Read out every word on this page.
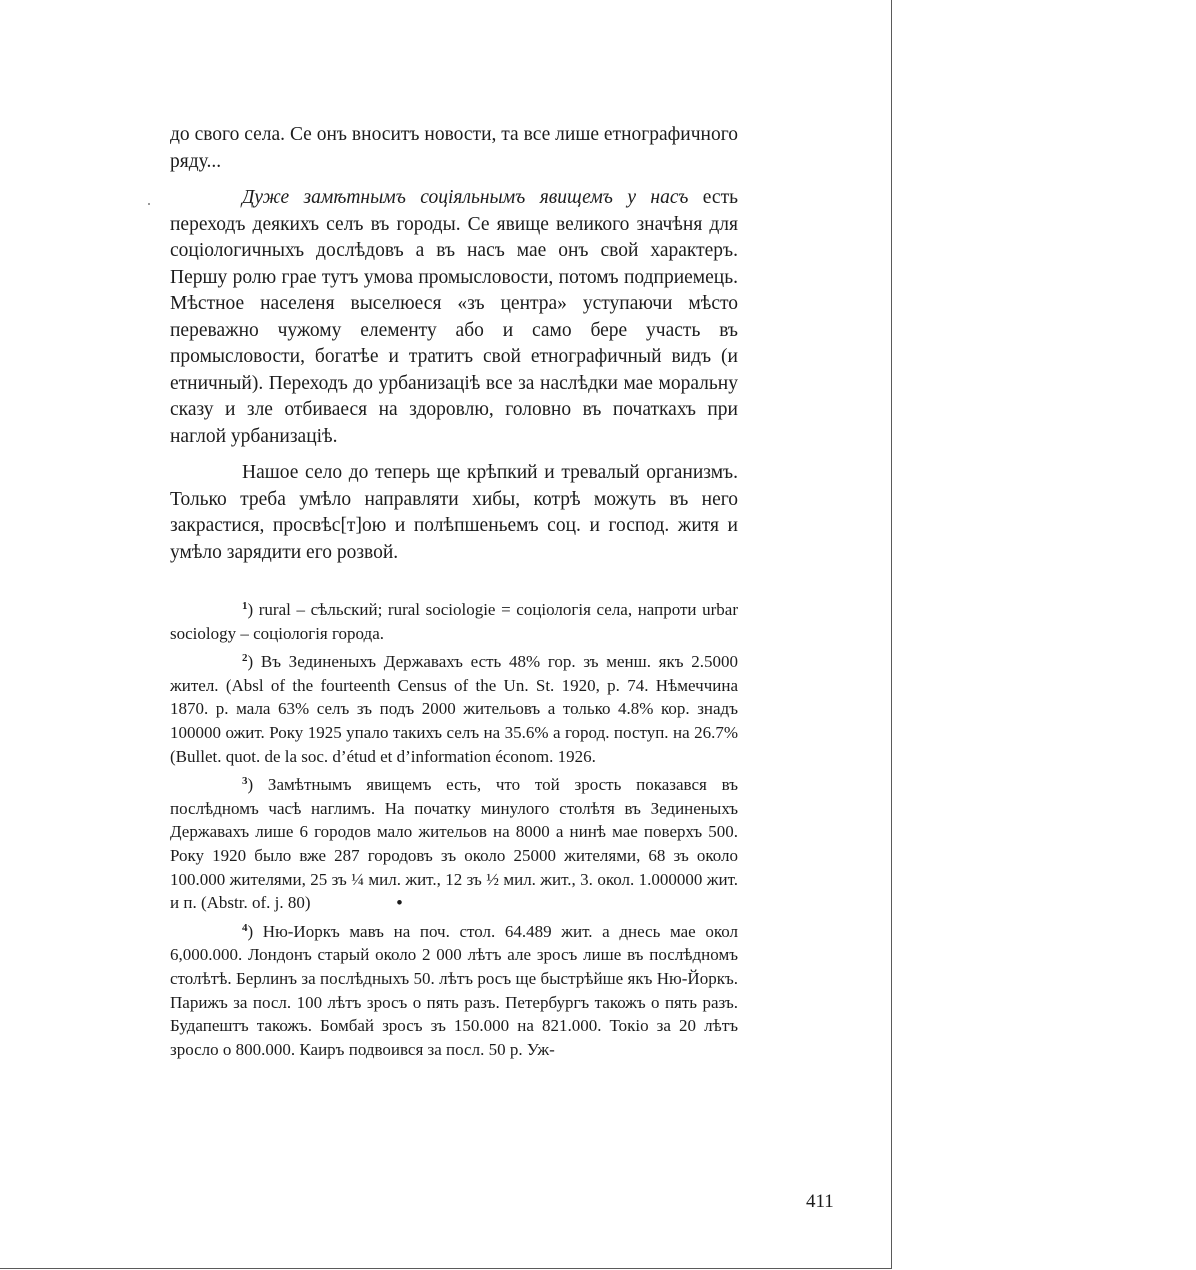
до свого села. Се онъ вноситъ новости, та все лише етнографичного ряду...

Дуже замѣтнымъ соціяльнымъ явищемъ у насъ есть переходъ деякихъ селъ въ городы. Се явище великого значѣня для соціологичныхъ дослѣдовъ а въ насъ мае онъ свой характеръ. Першу ролю грае тутъ умова промысловости, потомъ подприемець. Мѣстное населеня выселюеся «зъ центра» уступаючи мѣсто переважно чужому елементу або и само бере участь въ промысловости, богатѣе и тратитъ свой етнографичный видъ (и етничный). Переходъ до урбанизаціѣ все за наслѣдки мае моральну сказу и зле отбиваеся на здоровлю, головно въ початкахъ при наглой урбанизаціѣ.

Нашое село до теперь ще крѣпкий и тревалый организмъ. Только треба умѣло направляти хибы, котрѣ можуть въ него закрастися, просвѣс[т]ою и полѣпшеньемъ соц. и господ. житя и умѣло зарядити его розвой.

$^1$) rural – сѣльский; rural sociologie = соціологія села, напроти urbar sociology – соціологія города.

$^2$) Въ Зединеныхъ Державахъ есть 48% гор. зъ менш. якъ 2.5000 жител. (Absl of the fourteenth Census of the Un. St. 1920, p. 74. Нѣмеччина 1870. р. мала 63% селъ зъ подъ 2000 жительовъ а только 4.8% кор. знадъ 100000 ожит. Року 1925 упало такихъ селъ на 35.6% а город. поступ. на 26.7% (Bullet. quot. de la soc. d’étud et d’information économ. 1926.

$^3$) Замѣтнымъ явищемъ есть, что той зрость показався въ послѣдномъ часѣ наглимъ. На початку минулого столѣтя въ Зединеныхъ Державахъ лише 6 городов мало жительов на 8000 а нинѣ мае поверхъ 500. Року 1920 было вже 287 городовъ зъ около 25000 жителями, 68 зъ около 100.000 жителями, 25 зъ ¼ мил. жит., 12 зъ ½ мил. жит., 3. окол. 1.000000 жит. и п. (Abstr. of. j. 80)	•

$^4$) Ню-Иоркъ мавъ на поч. стол. 64.489 жит. а днесь мае окол 6,000.000. Лондонъ старый около 2 000 лѣтъ але зросъ лише въ послѣдномъ столѣтѣ. Берлинъ за послѣдныхъ 50. лѣтъ росъ ще быстрѣйше якъ Ню-Йоркъ. Парижъ за посл. 100 лѣтъ зросъ о пять разъ. Петербургъ такожъ о пять разъ. Будапештъ такожъ. Бомбай зросъ зъ 150.000 на 821.000. Токіо за 20 лѣтъ зросло о 800.000. Каиръ подвоився за посл. 50 р. Уж-

411
